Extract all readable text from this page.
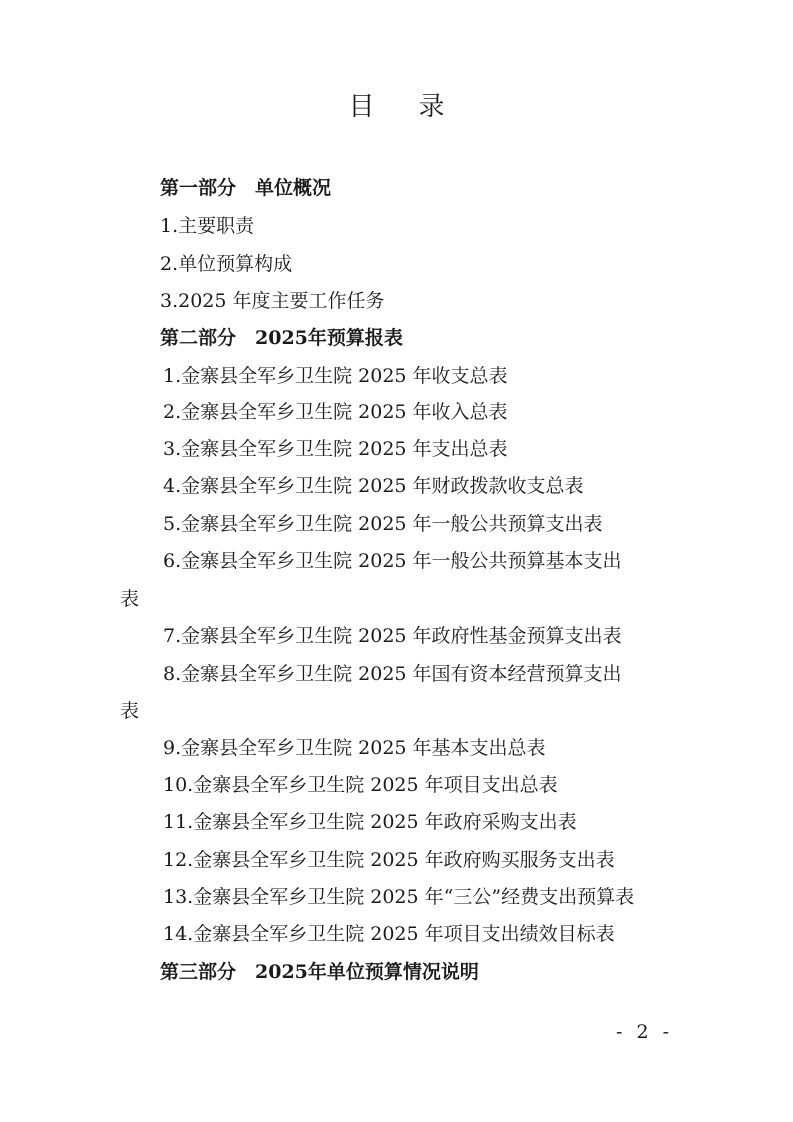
目录
第一部分　单位概况
1.主要职责
2.单位预算构成
3.2025 年度主要工作任务
第二部分　2025年预算报表
1.金寨县全军乡卫生院 2025 年收支总表
2.金寨县全军乡卫生院 2025 年收入总表
3.金寨县全军乡卫生院 2025 年支出总表
4.金寨县全军乡卫生院 2025 年财政拨款收支总表
5.金寨县全军乡卫生院 2025 年一般公共预算支出表
6.金寨县全军乡卫生院 2025 年一般公共预算基本支出
表
7.金寨县全军乡卫生院 2025 年政府性基金预算支出表
8.金寨县全军乡卫生院 2025 年国有资本经营预算支出
表
9.金寨县全军乡卫生院 2025 年基本支出总表
10.金寨县全军乡卫生院 2025 年项目支出总表
11.金寨县全军乡卫生院 2025 年政府采购支出表
12.金寨县全军乡卫生院 2025 年政府购买服务支出表
13.金寨县全军乡卫生院 2025 年“三公”经费支出预算表
14.金寨县全军乡卫生院 2025 年项目支出绩效目标表
第三部分　2025年单位预算情况说明
- 2 -
